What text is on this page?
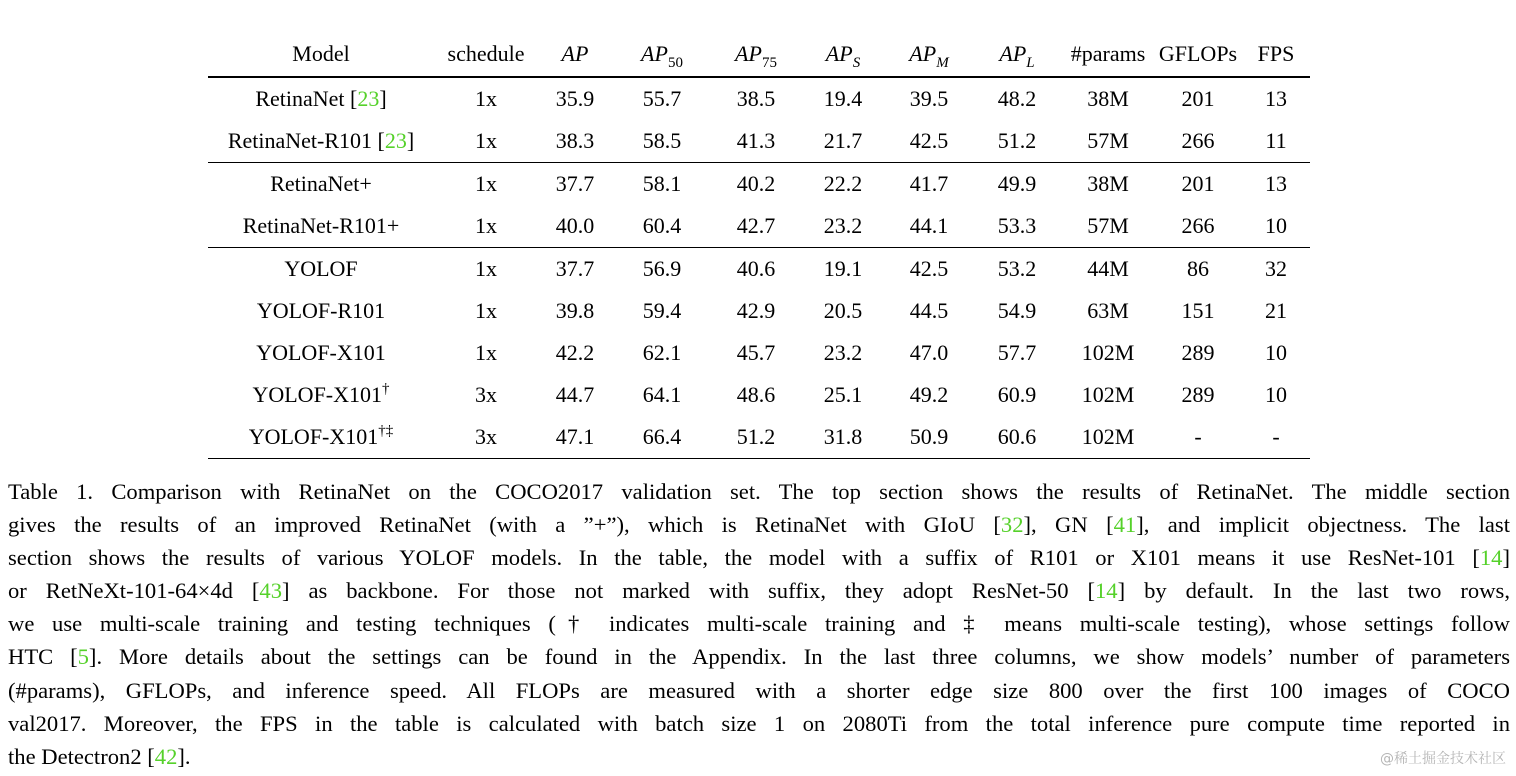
Model	schedule	AP	$AP_{50}$	$AP_{75}$	$AP_S$	$AP_M$	$AP_L$	#params	GFLOPs	FPS
RetinaNet [23]	1x	35.9	55.7	38.5	19.4	39.5	48.2	38M	201	13
RetinaNet-R101 [23]	1x	38.3	58.5	41.3	21.7	42.5	51.2	57M	266	11
RetinaNet+	1x	37.7	58.1	40.2	22.2	41.7	49.9	38M	201	13
RetinaNet-R101+	1x	40.0	60.4	42.7	23.2	44.1	53.3	57M	266	10
YOLOF	1x	37.7	56.9	40.6	19.1	42.5	53.2	44M	86	32
YOLOF-R101	1x	39.8	59.4	42.9	20.5	44.5	54.9	63M	151	21
YOLOF-X101	1x	42.2	62.1	45.7	23.2	47.0	57.7	102M	289	10
YOLOF-X101†	3x	44.7	64.1	48.6	25.1	49.2	60.9	102M	289	10
YOLOF-X101†‡	3x	47.1	66.4	51.2	31.8	50.9	60.6	102M	-	-
Table 1. Comparison with RetinaNet on the COCO2017 validation set. The top section shows the results of RetinaNet. The middle section
gives the results of an improved RetinaNet (with a ”+”), which is RetinaNet with GIoU [32], GN [41], and implicit objectness. The last
section shows the results of various YOLOF models. In the table, the model with a suffix of R101 or X101 means it use ResNet-101 [14]
or RetNeXt-101-64×4d [43] as backbone. For those not marked with suffix, they adopt ResNet-50 [14] by default. In the last two rows,
we use multi-scale training and testing techniques († indicates multi-scale training and ‡ means multi-scale testing), whose settings follow
HTC [5]. More details about the settings can be found in the Appendix. In the last three columns, we show models’ number of parameters
(#params), GFLOPs, and inference speed. All FLOPs are measured with a shorter edge size 800 over the first 100 images of COCO
val2017. Moreover, the FPS in the table is calculated with batch size 1 on 2080Ti from the total inference pure compute time reported in
the Detectron2 [42].	@稀土掘金技术社区
